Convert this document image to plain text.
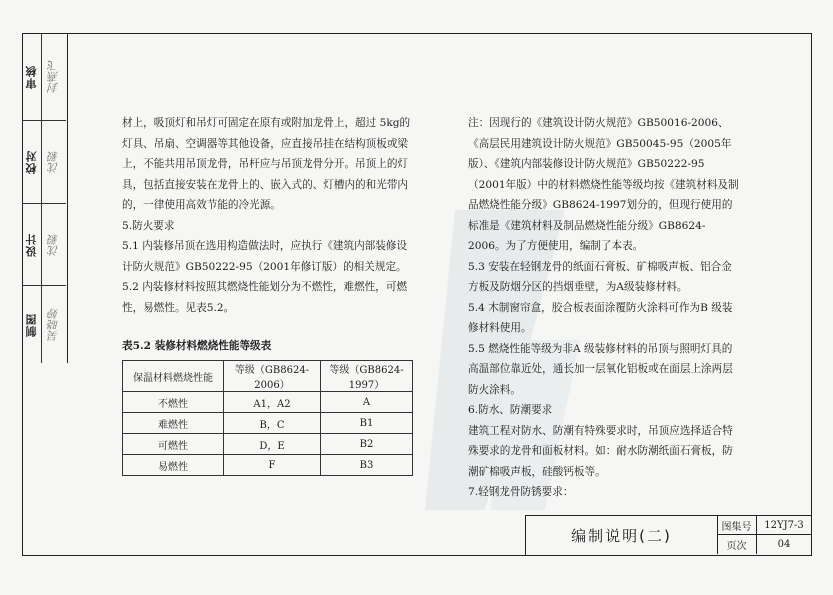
审核 封燕飞
校对 沈毅
设计 沈毅
制图 吴晓婷

材上，吸顶灯和吊灯可固定在原有或附加龙骨上，超过 5kg的灯具、吊扇、空调器等其他设备，应直接吊挂在结构顶板或梁上，不能共用吊顶龙骨，吊杆应与吊顶龙骨分开。吊顶上的灯具，包括直接安装在龙骨上的、嵌入式的、灯槽内的和光带内的，一律使用高效节能的冷光源。

5.防火要求

5.1 内装修吊顶在选用构造做法时，应执行《建筑内部装修设计防火规范》GB50222-95（2001年修订版）的相关规定。

5.2 内装修材料按照其燃烧性能划分为不燃性，难燃性，可燃性，易燃性。见表5.2。

表5.2 装修材料燃烧性能等级表
保温材料燃烧性能	等级（GB8624-2006）	等级（GB8624-1997）
不燃性	A1，A2	A
难燃性	B，C	B1
可燃性	D，E	B2
易燃性	F	B3

注：因现行的《建筑设计防火规范》GB50016-2006、《高层民用建筑设计防火规范》GB50045-95（2005年版）、《建筑内部装修设计防火规范》GB50222-95（2001年版）中的材料燃烧性能等级均按《建筑材料及制品燃烧性能分级》GB8624-1997划分的，但现行使用的标准是《建筑材料及制品燃烧性能分级》GB8624-2006。为了方便使用，编制了本表。

5.3 安装在轻钢龙骨的纸面石膏板、矿棉吸声板、铝合金方板及防烟分区的挡烟垂壁，为A级装修材料。

5.4 木制窗帘盒，胶合板表面涂覆防火涂料可作为B 级装修材料使用。

5.5 燃烧性能等级为非A 级装修材料的吊顶与照明灯具的高温部位靠近处，通长加一层氧化铝板或在面层上涂两层防火涂料。

6.防水、防潮要求

建筑工程对防水、防潮有特殊要求时，吊顶应选择适合特殊要求的龙骨和面板材料。如：耐水防潮纸面石膏板，防潮矿棉吸声板，硅酸钙板等。

7.轻钢龙骨防锈要求：

编制说明(二)	图集号	12YJ7-3
页次	04
